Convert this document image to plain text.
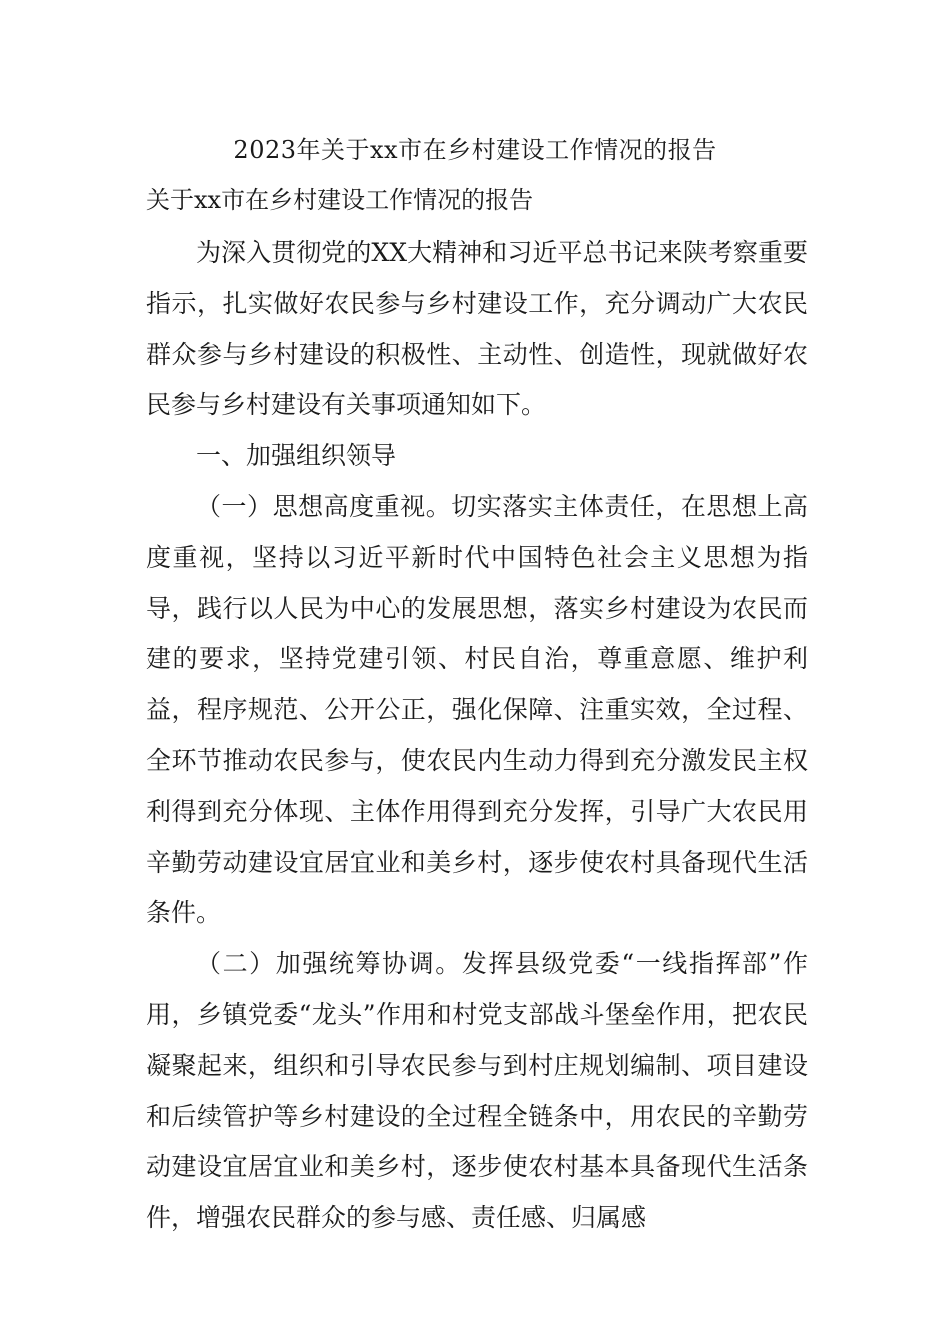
2023年关于xx市在乡村建设工作情况的报告
关于xx市在乡村建设工作情况的报告

为深入贯彻党的XX大精神和习近平总书记来陕考察重要指示，扎实做好农民参与乡村建设工作，充分调动广大农民群众参与乡村建设的积极性、主动性、创造性，现就做好农民参与乡村建设有关事项通知如下。

一、加强组织领导

（一）思想高度重视。切实落实主体责任，在思想上高度重视，坚持以习近平新时代中国特色社会主义思想为指导，践行以人民为中心的发展思想，落实乡村建设为农民而建的要求，坚持党建引领、村民自治，尊重意愿、维护利益，程序规范、公开公正，强化保障、注重实效，全过程、全环节推动农民参与，使农民内生动力得到充分激发民主权利得到充分体现、主体作用得到充分发挥，引导广大农民用辛勤劳动建设宜居宜业和美乡村，逐步使农村具备现代生活条件。

（二）加强统筹协调。发挥县级党委“一线指挥部”作用，乡镇党委“龙头”作用和村党支部战斗堡垒作用，把农民凝聚起来，组织和引导农民参与到村庄规划编制、项目建设和后续管护等乡村建设的全过程全链条中，用农民的辛勤劳动建设宜居宜业和美乡村，逐步使农村基本具备现代生活条件，增强农民群众的参与感、责任感、归属感
